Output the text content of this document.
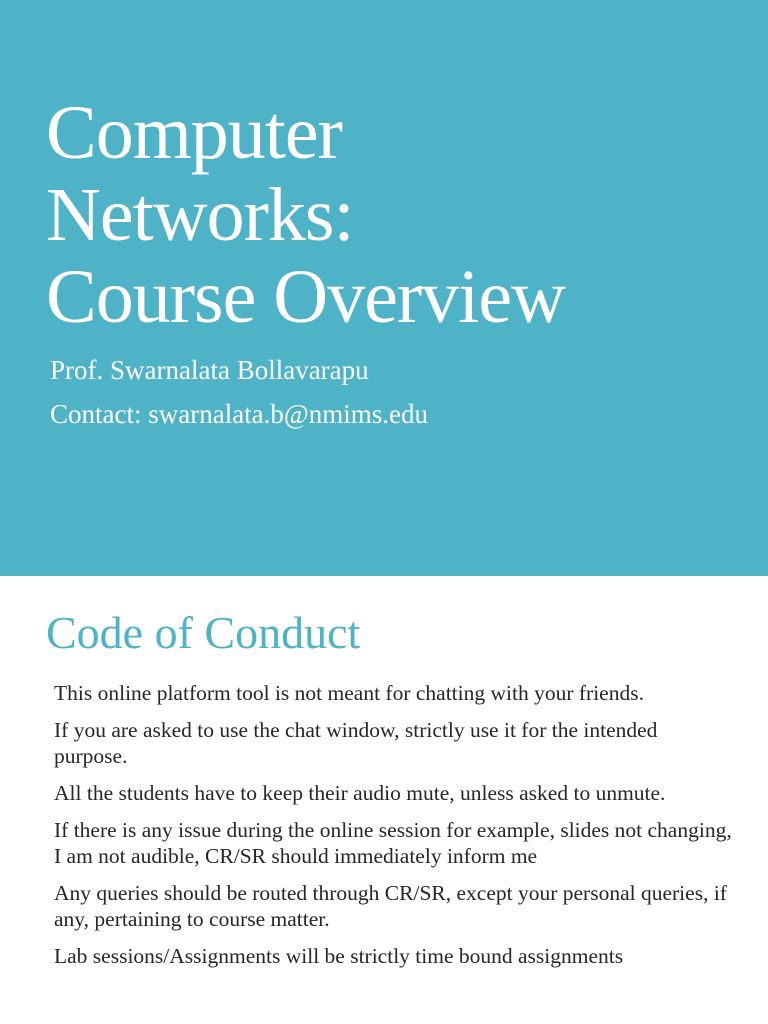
Computer
Networks:
Course Overview
Prof. Swarnalata Bollavarapu
Contact: swarnalata.b@nmims.edu
Code of Conduct
This online platform tool is not meant for chatting with your friends.
If you are asked to use the chat window, strictly use it for the intended purpose.
All the students have to keep their audio mute, unless asked to unmute.
If there is any issue during the online session for example, slides not changing, I am not audible, CR/SR should immediately inform me
Any queries should be routed through CR/SR, except your personal queries, if any, pertaining to course matter.
Lab sessions/Assignments will be strictly time bound assignments
